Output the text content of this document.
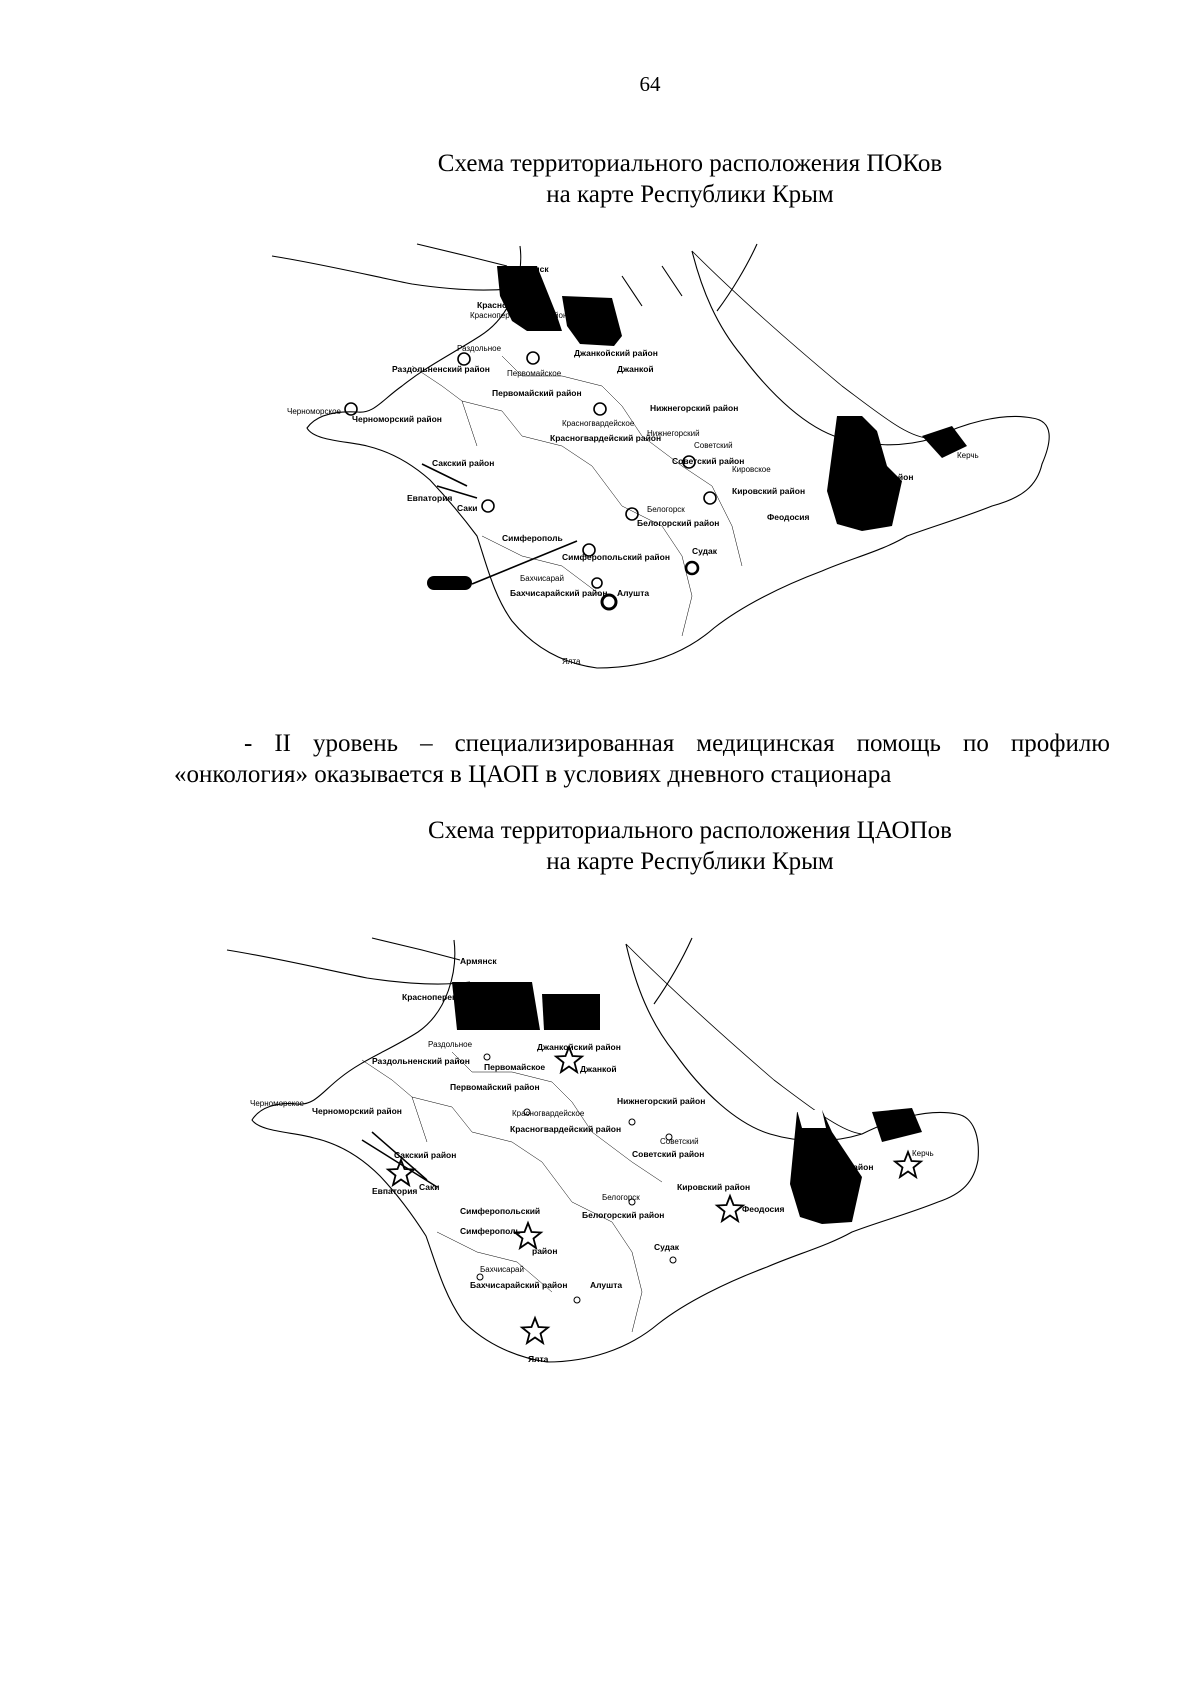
64
Схема территориального расположения ПОКов
на карте Республики Крым
Красноперекопск
Красноперекопский район
Раздольное
Раздольненский район Первомайское
Первомайский район
Джанкойский район
Джанкой
Черноморское
Черноморский район	Красногвардейское
Красногвардейский район
Нижнегорский район
Нижнегорский
Советский
Советский район
Кировское
Кировский район
Ленино
Ленинский район
Керчь
Сакский район
Евпатория
Саки	Белогорск
Белогорский район
Феодосия
Симферополь
Симферопольский район
Судак
Бахчисарай
Бахчисарайский район Алушта
Ялта
Армянск

- II уровень – специализированная медицинская помощь по профилю

«онкология» оказывается в ЦАОП в условиях дневного стационара

Схема территориального расположения ЦАОПов
на карте Республики Крым
Армянск
Красноперекопск
Раздольное
Раздольненский район
Первомайское
Первомайский район
Джанкойский район
Джанкой
Черноморское
Черноморский район
Нижнегорский район
Красногвардейское
Красногвардейский район
Советский
Советский район	Ленино
Ленинский район
Керчь
Сакский район
Евпатория Саки	Кировский район
Феодосия
Белогорск
Белогорский район
Симферопольский
Симферополь
район	Судак
Бахчисарай
Бахчисарайский район	Алушта
Ялта
